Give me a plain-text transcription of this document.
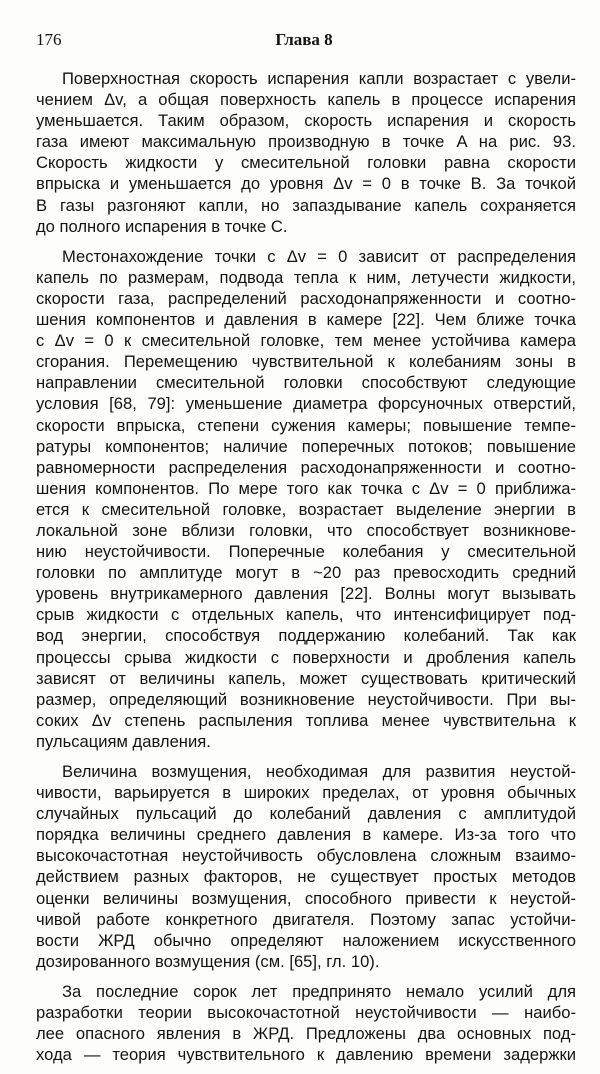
176	Глава 8
Поверхностная скорость испарения капли возрастает с увели-
чением Δv, а общая поверхность капель в процессе испарения
уменьшается. Таким образом, скорость испарения и скорость
газа имеют максимальную производную в точке A на рис. 93.
Скорость жидкости у смесительной головки равна скорости
впрыска и уменьшается до уровня Δv = 0 в точке B. За точкой
B газы разгоняют капли, но запаздывание капель сохраняется
до полного испарения в точке C.
Местонахождение точки с Δv = 0 зависит от распределения
капель по размерам, подвода тепла к ним, летучести жидкости,
скорости газа, распределений расходонапряженности и соотно-
шения компонентов и давления в камере [22]. Чем ближе точка
с Δv = 0 к смесительной головке, тем менее устойчива камера
сгорания. Перемещению чувствительной к колебаниям зоны в
направлении смесительной головки способствуют следующие
условия [68, 79]: уменьшение диаметра форсуночных отверстий,
скорости впрыска, степени сужения камеры; повышение темпе-
ратуры компонентов; наличие поперечных потоков; повышение
равномерности распределения расходонапряженности и соотно-
шения компонентов. По мере того как точка с Δv = 0 приближа-
ется к смесительной головке, возрастает выделение энергии в
локальной зоне вблизи головки, что способствует возникнове-
нию неустойчивости. Поперечные колебания у смесительной
головки по амплитуде могут в ~20 раз превосходить средний
уровень внутрикамерного давления [22]. Волны могут вызывать
срыв жидкости с отдельных капель, что интенсифицирует под-
вод энергии, способствуя поддержанию колебаний. Так как
процессы срыва жидкости с поверхности и дробления капель
зависят от величины капель, может существовать критический
размер, определяющий возникновение неустойчивости. При вы-
соких Δv степень распыления топлива менее чувствительна к
пульсациям давления.
Величина возмущения, необходимая для развития неустой-
чивости, варьируется в широких пределах, от уровня обычных
случайных пульсаций до колебаний давления с амплитудой
порядка величины среднего давления в камере. Из-за того что
высокочастотная неустойчивость обусловлена сложным взаимо-
действием разных факторов, не существует простых методов
оценки величины возмущения, способного привести к неустой-
чивой работе конкретного двигателя. Поэтому запас устойчи-
вости ЖРД обычно определяют наложением искусственного
дозированного возмущения (см. [65], гл. 10).
За последние сорок лет предпринято немало усилий для
разработки теории высокочастотной неустойчивости — наибо-
лее опасного явления в ЖРД. Предложены два основных под-
хода — теория чувствительного к давлению времени задержки
